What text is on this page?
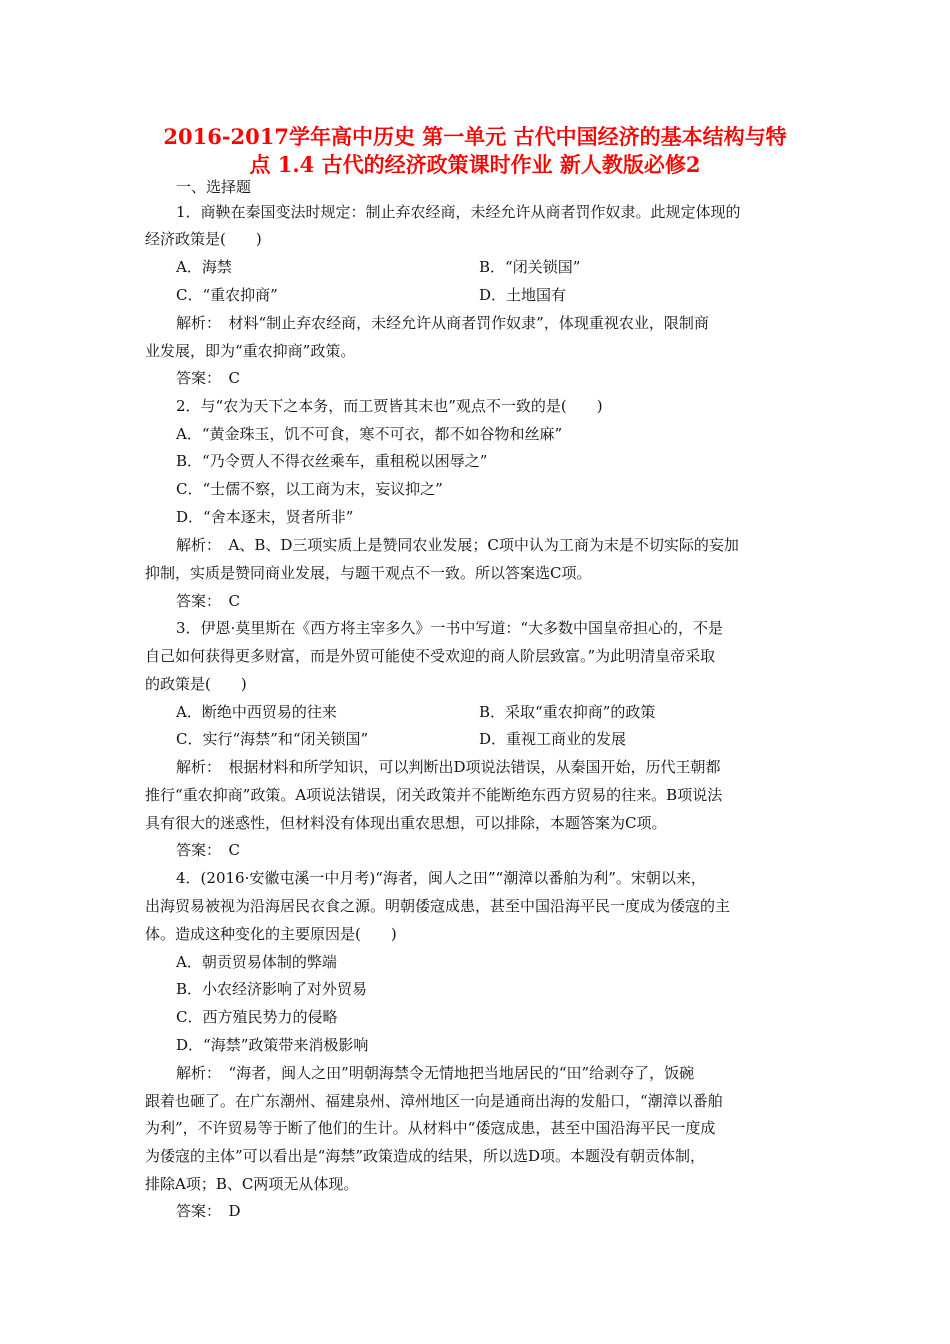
2016-2017学年高中历史 第一单元 古代中国经济的基本结构与特
点 1.4 古代的经济政策课时作业 新人教版必修2
一、选择题
1．商鞅在秦国变法时规定：制止弃农经商，未经允许从商者罚作奴隶。此规定体现的
经济政策是(　　)
A．海禁	B．“闭关锁国”
C．“重农抑商”	D．土地国有
解析：　材料“制止弃农经商，未经允许从商者罚作奴隶”，体现重视农业，限制商
业发展，即为“重农抑商”政策。
答案：　C
2．与“农为天下之本务，而工贾皆其末也”观点不一致的是(　　)
A．“黄金珠玉，饥不可食，寒不可衣，都不如谷物和丝麻”
B．“乃令贾人不得衣丝乘车，重租税以困辱之”
C．“士儒不察，以工商为末，妄议抑之”
D．“舍本逐末，贤者所非”
解析：　A、B、D三项实质上是赞同农业发展；C项中认为工商为末是不切实际的妄加
抑制，实质是赞同商业发展，与题干观点不一致。所以答案选C项。
答案：　C
3．伊恩·莫里斯在《西方将主宰多久》一书中写道：“大多数中国皇帝担心的，不是
自己如何获得更多财富，而是外贸可能使不受欢迎的商人阶层致富。”为此明清皇帝采取
的政策是(　　)
A．断绝中西贸易的往来	B．采取“重农抑商”的政策
C．实行“海禁”和“闭关锁国”	D．重视工商业的发展
解析：　根据材料和所学知识，可以判断出D项说法错误，从秦国开始，历代王朝都
推行“重农抑商”政策。A项说法错误，闭关政策并不能断绝东西方贸易的往来。B项说法
具有很大的迷惑性，但材料没有体现出重农思想，可以排除，本题答案为C项。
答案：　C
4．(2016·安徽屯溪一中月考)“海者，闽人之田”“潮漳以番舶为利”。宋朝以来，
出海贸易被视为沿海居民衣食之源。明朝倭寇成患，甚至中国沿海平民一度成为倭寇的主
体。造成这种变化的主要原因是(　　)
A．朝贡贸易体制的弊端
B．小农经济影响了对外贸易
C．西方殖民势力的侵略
D．“海禁”政策带来消极影响
解析：　“海者，闽人之田”明朝海禁令无情地把当地居民的“田”给剥夺了，饭碗
跟着也砸了。在广东潮州、福建泉州、漳州地区一向是通商出海的发船口，“潮漳以番舶
为利”，不许贸易等于断了他们的生计。从材料中“倭寇成患，甚至中国沿海平民一度成
为倭寇的主体”可以看出是“海禁”政策造成的结果，所以选D项。本题没有朝贡体制，
排除A项；B、C两项无从体现。
答案：　D
